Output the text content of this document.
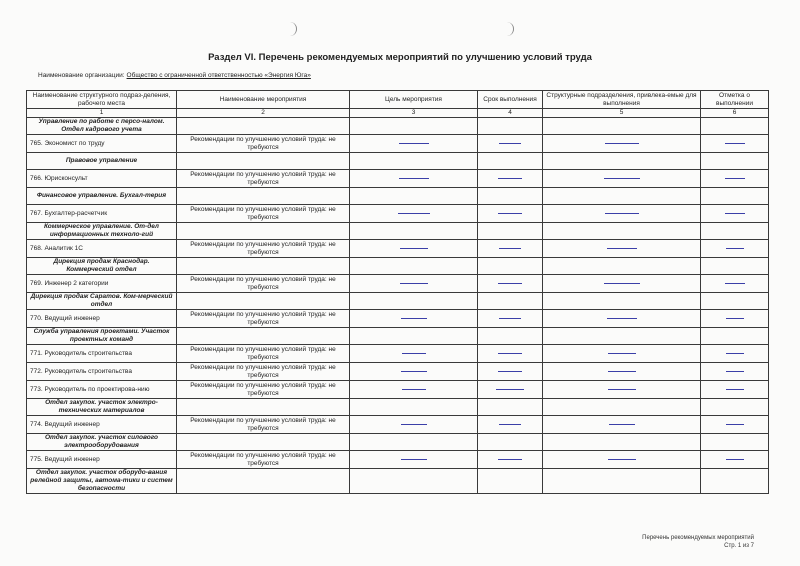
Раздел VI. Перечень рекомендуемых мероприятий по улучшению условий труда
Наименование организации: Общество с ограниченной ответственностью «Энергия Юга»
Наименование структурного подраз-деления, рабочего места	Наименование мероприятия	Цель мероприятия	Срок выполнения	Структурные подразделения, привлека-емые для выполнения	Отметка о выполнении
1	2	3	4	5	6
Управление по работе с персо-налом. Отдел кадрового учета					
765. Экономист по труду	Рекомендации по улучшению условий труда: не требуются	

Правовое управление					
766. Юрисконсульт	Рекомендации по улучшению условий труда: не требуются	

Финансовое управление. Бухгал-терия					
767. Бухгалтер-расчетчик	Рекомендации по улучшению условий труда: не требуются	

Коммерческое управление. От-дел информационных техноло-гий					
768. Аналитик 1С	Рекомендации по улучшению условий труда: не требуются	

Дирекция продаж Краснодар. Коммерческий отдел					
769. Инженер 2 категории	Рекомендации по улучшению условий труда: не требуются	

Дирекция продаж Саратов. Ком-мерческий отдел					
770. Ведущий инженер	Рекомендации по улучшению условий труда: не требуются	

Служба управления проектами. Участок проектных команд					
771. Руководитель строительства	Рекомендации по улучшению условий труда: не требуются	

772. Руководитель строительства	Рекомендации по улучшению условий труда: не требуются	

773. Руководитель по проектирова-нию	Рекомендации по улучшению условий труда: не требуются	

Отдел закупок. участок электро-технических материалов					
774. Ведущий инженер	Рекомендации по улучшению условий труда: не требуются	

Отдел закупок. участок силового электрооборудования					
775. Ведущий инженер	Рекомендации по улучшению условий труда: не требуются	

Отдел закупок. участок оборудо-вания релейной защиты, автома-тики и систем безопасности					
Перечень рекомендуемых мероприятий
Стр. 1 из 7
